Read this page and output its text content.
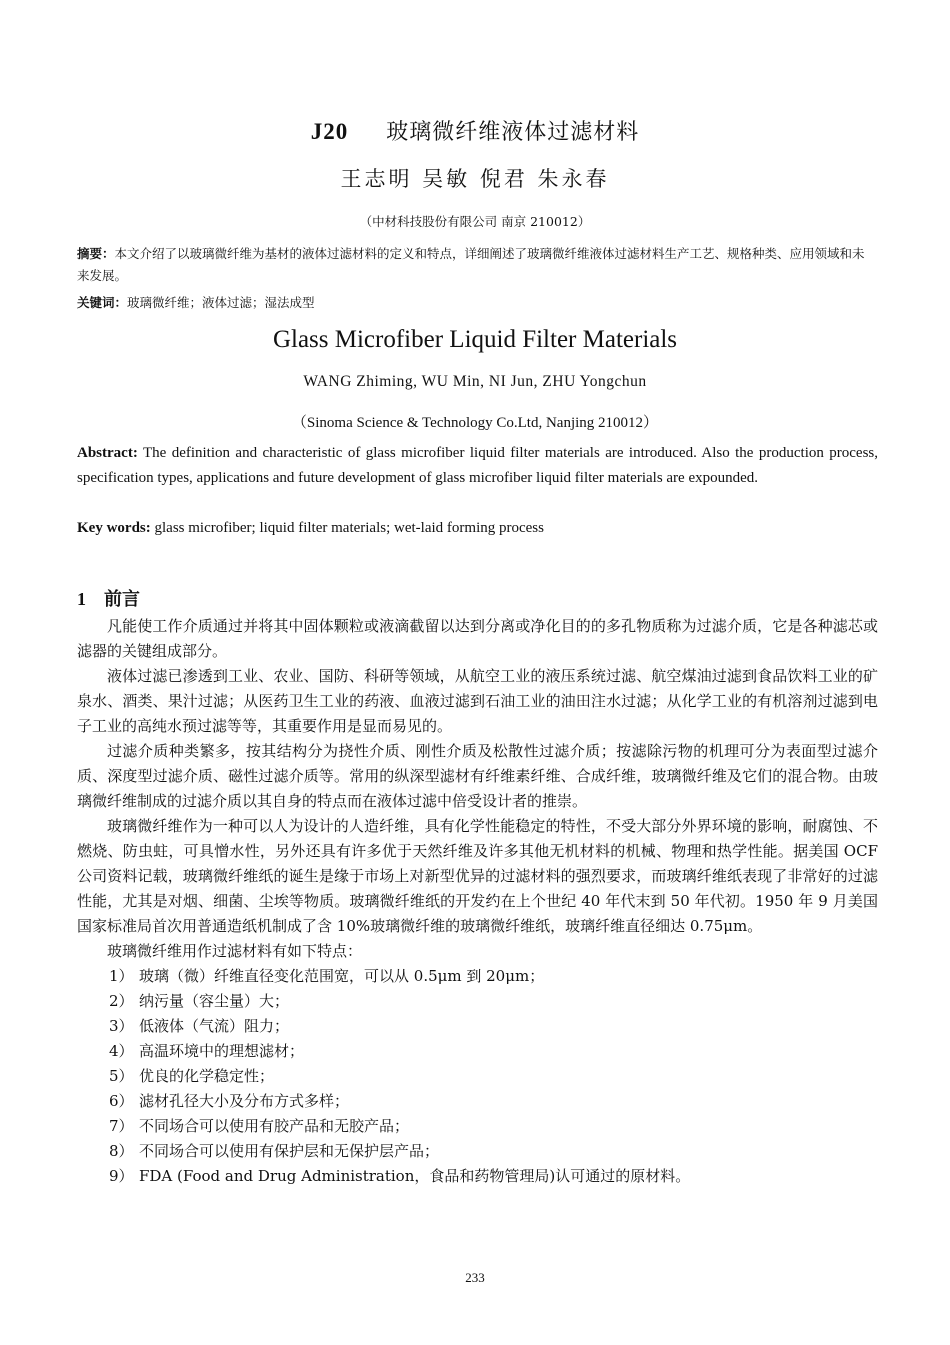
J20 玻璃微纤维液体过滤材料
王志明 吴敏 倪君 朱永春
（中材科技股份有限公司 南京 210012）
摘要：本文介绍了以玻璃微纤维为基材的液体过滤材料的定义和特点，详细阐述了玻璃微纤维液体过滤材料生产工艺、规格种类、应用领域和未来发展。
关键词：玻璃微纤维；液体过滤；湿法成型
Glass Microfiber Liquid Filter Materials
WANG Zhiming, WU Min, NI Jun, ZHU Yongchun
（Sinoma Science & Technology Co.Ltd, Nanjing 210012）
Abstract: The definition and characteristic of glass microfiber liquid filter materials are introduced. Also the production process, specification types, applications and future development of glass microfiber liquid filter materials are expounded.
Key words: glass microfiber; liquid filter materials; wet-laid forming process
1 前言

凡能使工作介质通过并将其中固体颗粒或液滴截留以达到分离或净化目的的多孔物质称为过滤介质，它是各种滤芯或滤器的关键组成部分。

液体过滤已渗透到工业、农业、国防、科研等领域，从航空工业的液压系统过滤、航空煤油过滤到食品饮料工业的矿泉水、酒类、果汁过滤；从医药卫生工业的药液、血液过滤到石油工业的油田注水过滤；从化学工业的有机溶剂过滤到电子工业的高纯水预过滤等等，其重要作用是显而易见的。

过滤介质种类繁多，按其结构分为挠性介质、刚性介质及松散性过滤介质；按滤除污物的机理可分为表面型过滤介质、深度型过滤介质、磁性过滤介质等。常用的纵深型滤材有纤维素纤维、合成纤维，玻璃微纤维及它们的混合物。由玻璃微纤维制成的过滤介质以其自身的特点而在液体过滤中倍受设计者的推崇。

玻璃微纤维作为一种可以人为设计的人造纤维，具有化学性能稳定的特性，不受大部分外界环境的影响，耐腐蚀、不燃烧、防虫蛀，可具憎水性，另外还具有许多优于天然纤维及许多其他无机材料的机械、物理和热学性能。据美国 OCF 公司资料记载，玻璃微纤维纸的诞生是缘于市场上对新型优异的过滤材料的强烈要求，而玻璃纤维纸表现了非常好的过滤性能，尤其是对烟、细菌、尘埃等物质。玻璃微纤维纸的开发约在上个世纪 40 年代末到 50 年代初。1950 年 9 月美国国家标准局首次用普通造纸机制成了含 10%玻璃微纤维的玻璃微纤维纸，玻璃纤维直径细达 0.75μm。

玻璃微纤维用作过滤材料有如下特点：

1） 玻璃（微）纤维直径变化范围宽，可以从 0.5μm 到 20μm；
2） 纳污量（容尘量）大；
3） 低液体（气流）阻力；
4） 高温环境中的理想滤材；
5） 优良的化学稳定性；
6） 滤材孔径大小及分布方式多样；
7） 不同场合可以使用有胶产品和无胶产品；
8） 不同场合可以使用有保护层和无保护层产品；
9） FDA (Food and Drug Administration，食品和药物管理局)认可通过的原材料。
233
